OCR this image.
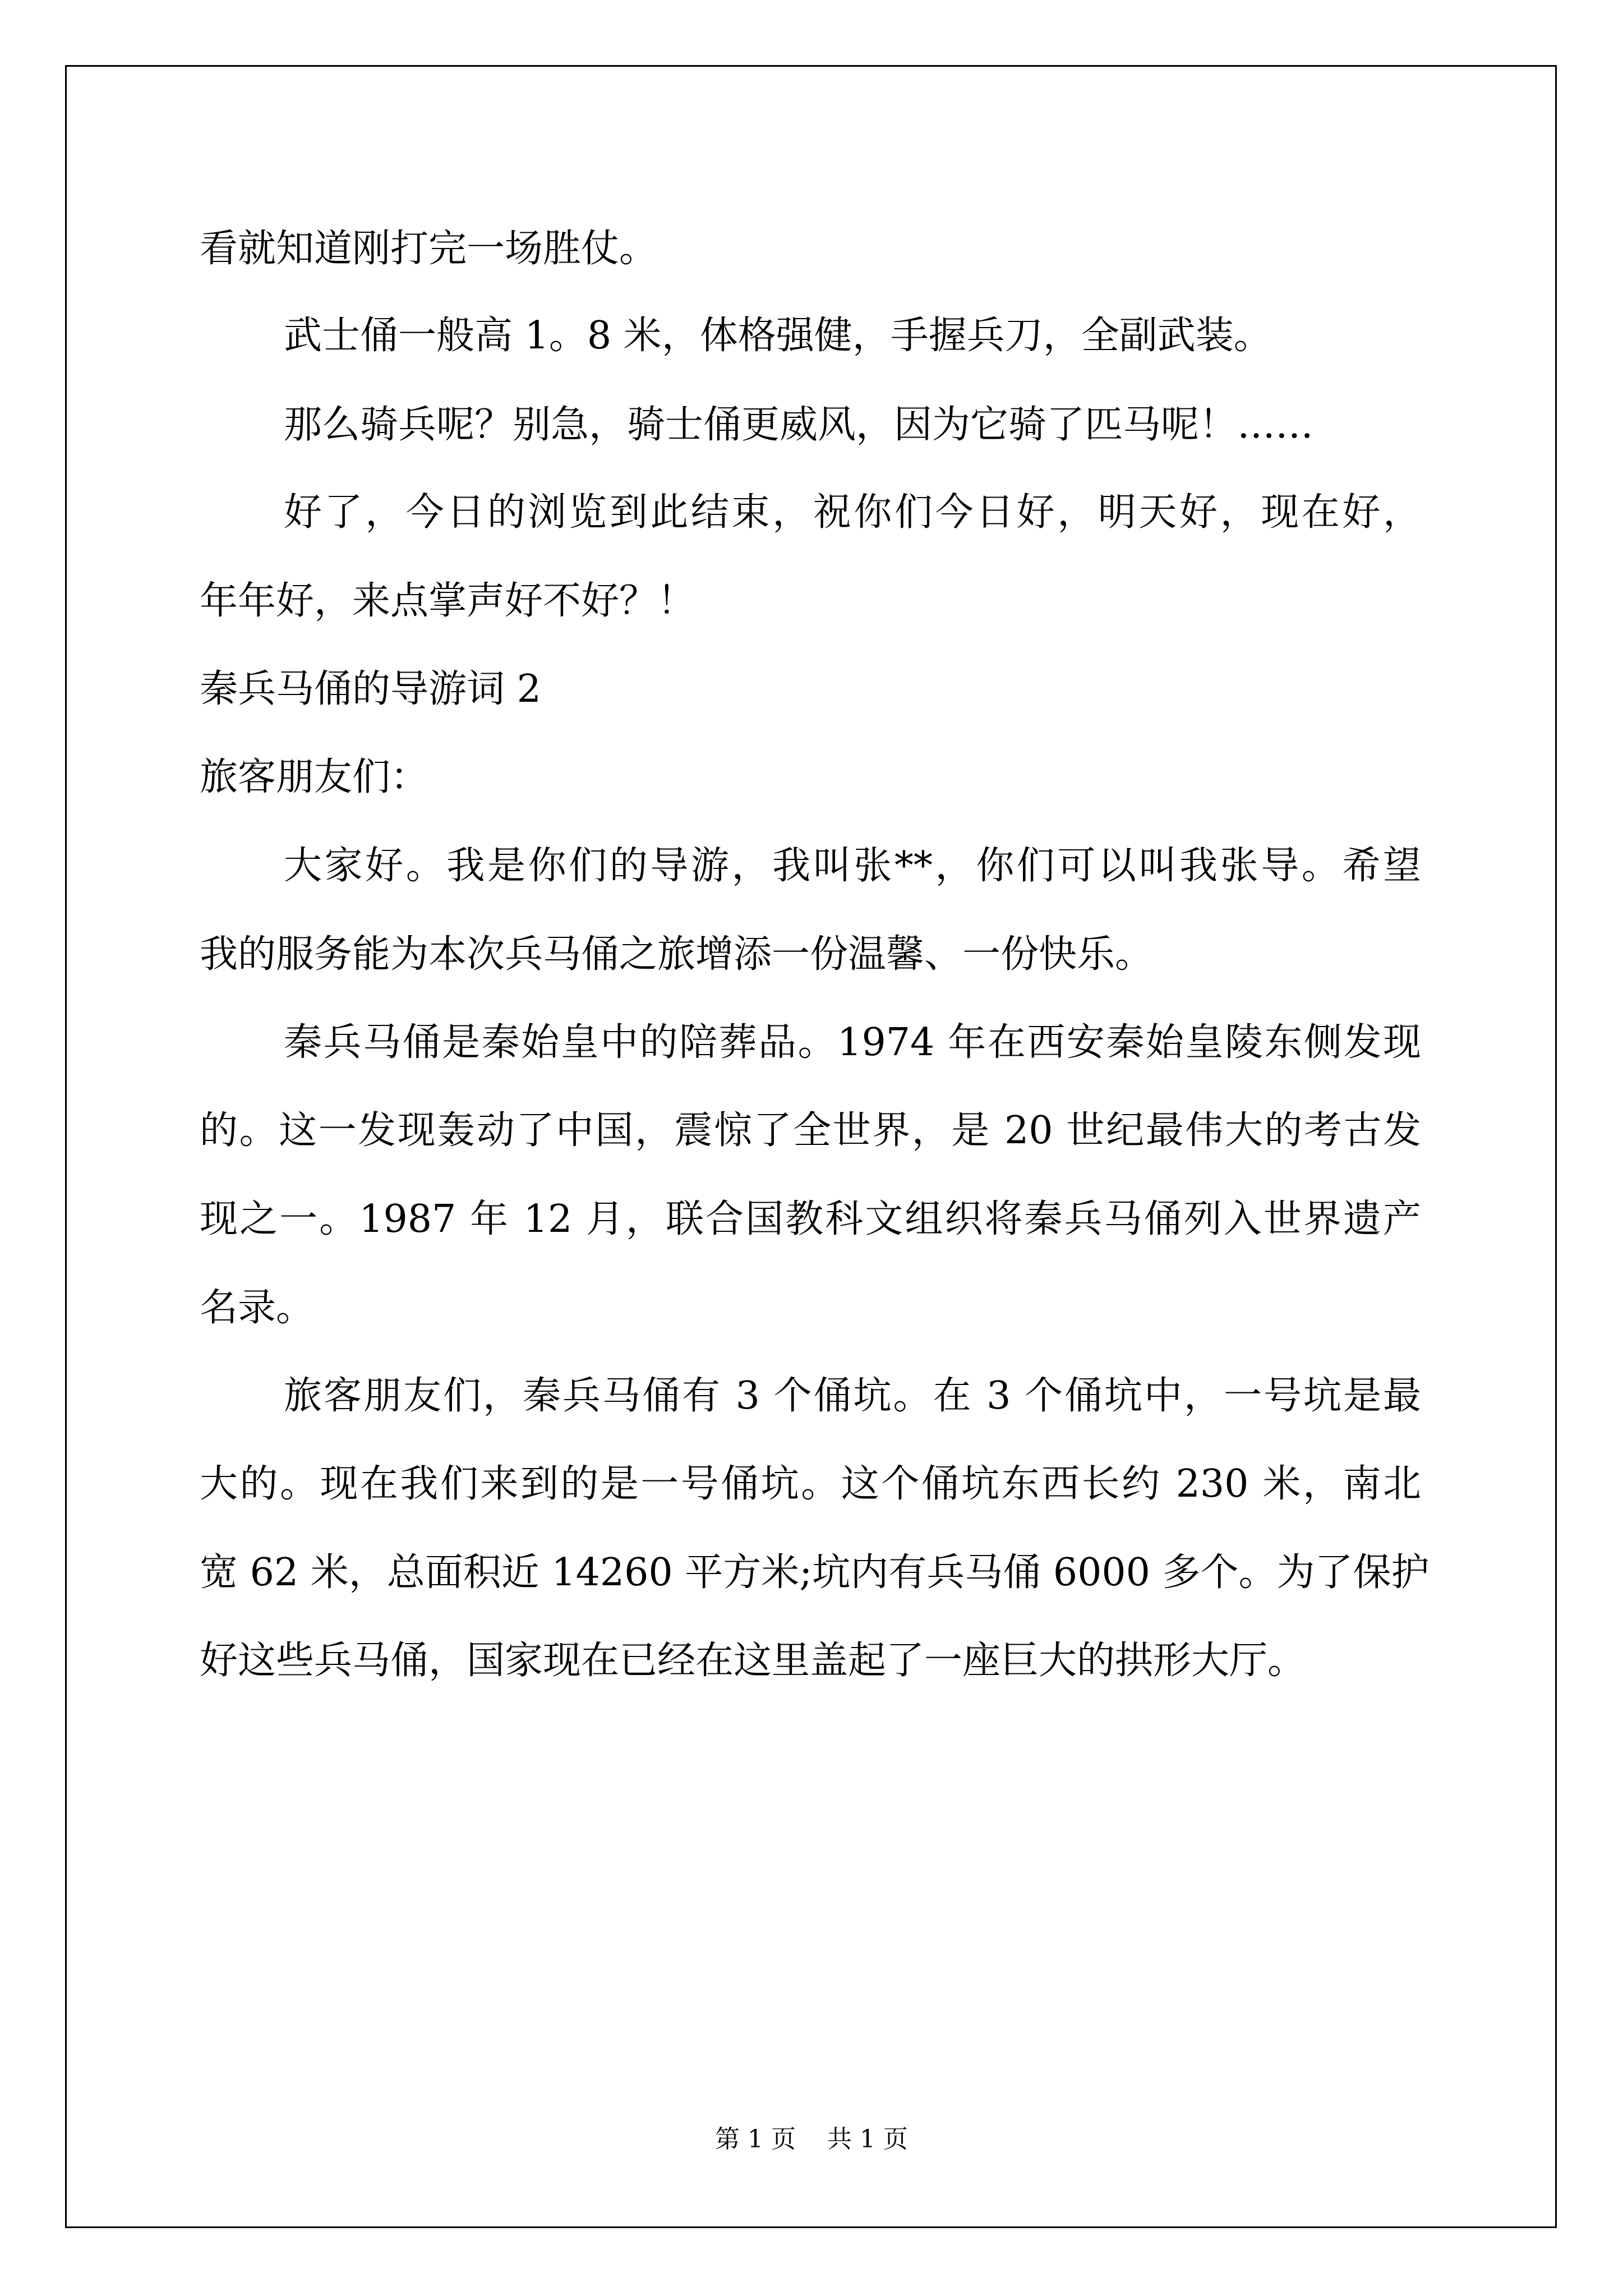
看就知道刚打完一场胜仗。

武士俑一般高 1。8 米，体格强健，手握兵刀，全副武装。

那么骑兵呢？别急，骑士俑更威风，因为它骑了匹马呢！……

好了，今日的浏览到此结束，祝你们今日好，明天好，现在好，

年年好，来点掌声好不好？！

秦兵马俑的导游词 2

旅客朋友们：

大家好。我是你们的导游，我叫张**，你们可以叫我张导。希望

我的服务能为本次兵马俑之旅增添一份温馨、一份快乐。

秦兵马俑是秦始皇中的陪葬品。1974 年在西安秦始皇陵东侧发现

的。这一发现轰动了中国，震惊了全世界，是 20 世纪最伟大的考古发

现之一。1987 年 12 月，联合国教科文组织将秦兵马俑列入世界遗产

名录。

旅客朋友们，秦兵马俑有 3 个俑坑。在 3 个俑坑中，一号坑是最

大的。现在我们来到的是一号俑坑。这个俑坑东西长约 230 米，南北

宽 62 米，总面积近 14260 平方米;坑内有兵马俑 6000 多个。为了保护

好这些兵马俑，国家现在已经在这里盖起了一座巨大的拱形大厅。

第 1 页    共 1 页
